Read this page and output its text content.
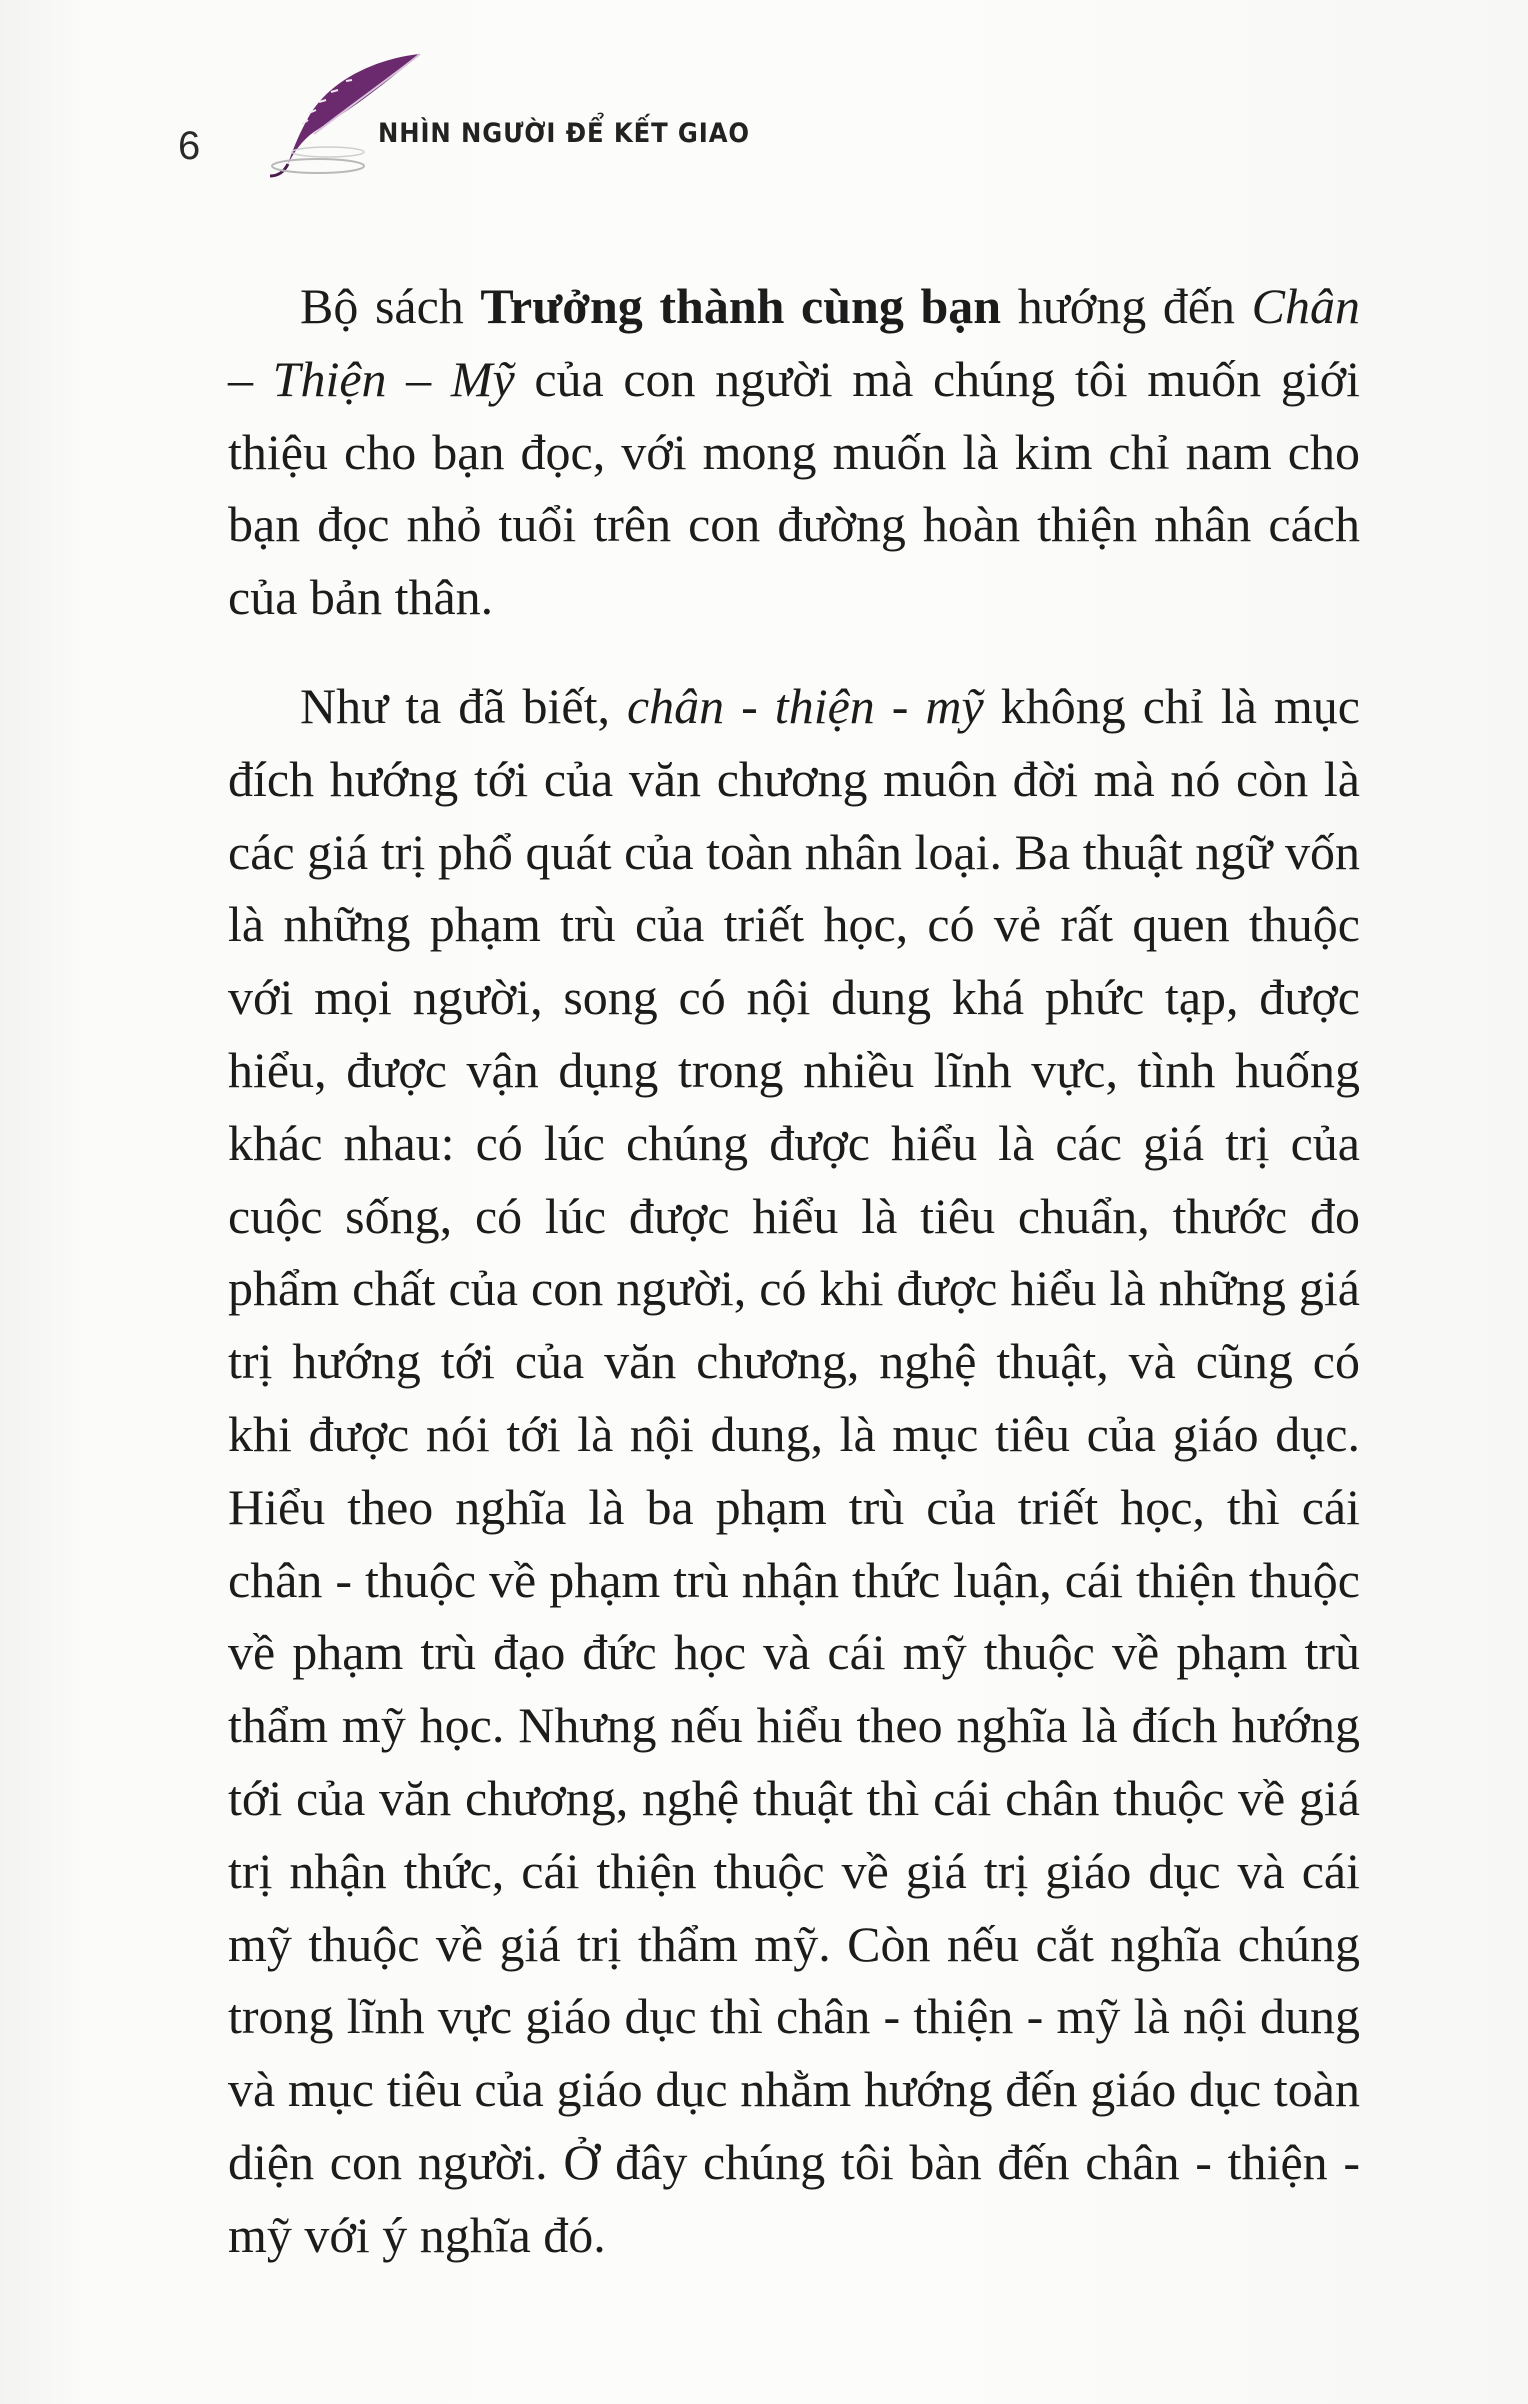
6	NHÌN NGƯỜI ĐỂ KẾT GIAO

Bộ sách Trưởng thành cùng bạn hướng đến Chân – Thiện – Mỹ của con người mà chúng tôi muốn giới thiệu cho bạn đọc, với mong muốn là kim chỉ nam cho bạn đọc nhỏ tuổi trên con đường hoàn thiện nhân cách của bản thân.

Như ta đã biết, chân - thiện - mỹ không chỉ là mục đích hướng tới của văn chương muôn đời mà nó còn là các giá trị phổ quát của toàn nhân loại. Ba thuật ngữ vốn là những phạm trù của triết học, có vẻ rất quen thuộc với mọi người, song có nội dung khá phức tạp, được hiểu, được vận dụng trong nhiều lĩnh vực, tình huống khác nhau: có lúc chúng được hiểu là các giá trị của cuộc sống, có lúc được hiểu là tiêu chuẩn, thước đo phẩm chất của con người, có khi được hiểu là những giá trị hướng tới của văn chương, nghệ thuật, và cũng có khi được nói tới là nội dung, là mục tiêu của giáo dục. Hiểu theo nghĩa là ba phạm trù của triết học, thì cái chân - thuộc về phạm trù nhận thức luận, cái thiện thuộc về phạm trù đạo đức học và cái mỹ thuộc về phạm trù thẩm mỹ học. Nhưng nếu hiểu theo nghĩa là đích hướng tới của văn chương, nghệ thuật thì cái chân thuộc về giá trị nhận thức, cái thiện thuộc về giá trị giáo dục và cái mỹ thuộc về giá trị thẩm mỹ. Còn nếu cắt nghĩa chúng trong lĩnh vực giáo dục thì chân - thiện - mỹ là nội dung và mục tiêu của giáo dục nhằm hướng đến giáo dục toàn diện con người. Ở đây chúng tôi bàn đến chân - thiện - mỹ với ý nghĩa đó.
